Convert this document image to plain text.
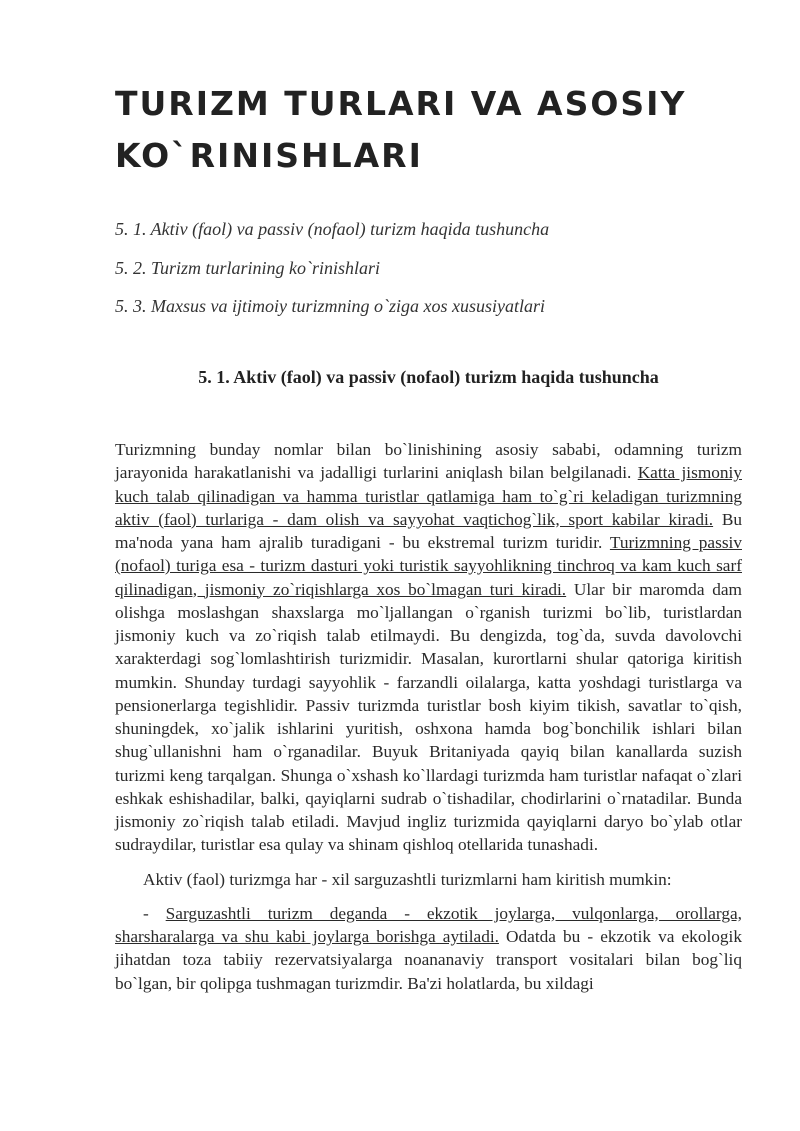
TURIZM TURLARI VA ASOSIY KO`RINISHLARI
5. 1. Aktiv (faol) va passiv (nofaol) turizm haqida tushuncha
5. 2. Turizm turlarining ko`rinishlari
5. 3. Maxsus va ijtimoiy turizmning o`ziga xos xususiyatlari
5. 1. Aktiv (faol) va passiv (nofaol) turizm haqida tushuncha

Turizmning bunday nomlar bilan bo`linishining asosiy sababi, odamning turizm jarayonida harakatlanishi va jadalligi turlarini aniqlash bilan belgilanadi. Katta jismoniy kuch talab qilinadigan va hamma turistlar qatlamiga ham to`g`ri keladigan turizmning aktiv (faol) turlariga - dam olish va sayyohat vaqtichog`lik, sport kabilar kiradi. Bu ma'noda yana ham ajralib turadigani - bu ekstremal turizm turidir. Turizmning passiv (nofaol) turiga esa - turizm dasturi yoki turistik sayyohlikning tinchroq va kam kuch sarf qilinadigan, jismoniy zo`riqishlarga xos bo`lmagan turi kiradi. Ular bir maromda dam olishga moslashgan shaxslarga mo`ljallangan o`rganish turizmi bo`lib, turistlardan jismoniy kuch va zo`riqish talab etilmaydi. Bu dengizda, tog`da, suvda davolovchi xarakterdagi sog`lomlashtirish turizmidir. Masalan, kurortlarni shular qatoriga kiritish mumkin. Shunday turdagi sayyohlik - farzandli oilalarga, katta yoshdagi turistlarga va pensionerlarga tegishlidir. Passiv turizmda turistlar bosh kiyim tikish, savatlar to`qish, shuningdek, xo`jalik ishlarini yuritish, oshxona hamda bog`bonchilik ishlari bilan shug`ullanishni ham o`rganadilar. Buyuk Britaniyada qayiq bilan kanallarda suzish turizmi keng tarqalgan. Shunga o`xshash ko`llardagi turizmda ham turistlar nafaqat o`zlari eshkak eshishadilar, balki, qayiqlarni sudrab o`tishadilar, chodirlarini o`rnatadilar. Bunda jismoniy zo`riqish talab etiladi. Mavjud ingliz turizmida qayiqlarni daryo bo`ylab otlar sudraydilar, turistlar esa qulay va shinam qishloq otellarida tunashadi.

Aktiv (faol) turizmga har - xil sarguzashtli turizmlarni ham kiritish mumkin:

- Sarguzashtli turizm deganda - ekzotik joylarga, vulqonlarga, orollarga, sharsharalarga va shu kabi joylarga borishga aytiladi. Odatda bu - ekzotik va ekologik jihatdan toza tabiiy rezervatsiyalarga noananaviy transport vositalari bilan bog`liq bo`lgan, bir qolipga tushmagan turizmdir. Ba'zi holatlarda, bu xildagi
